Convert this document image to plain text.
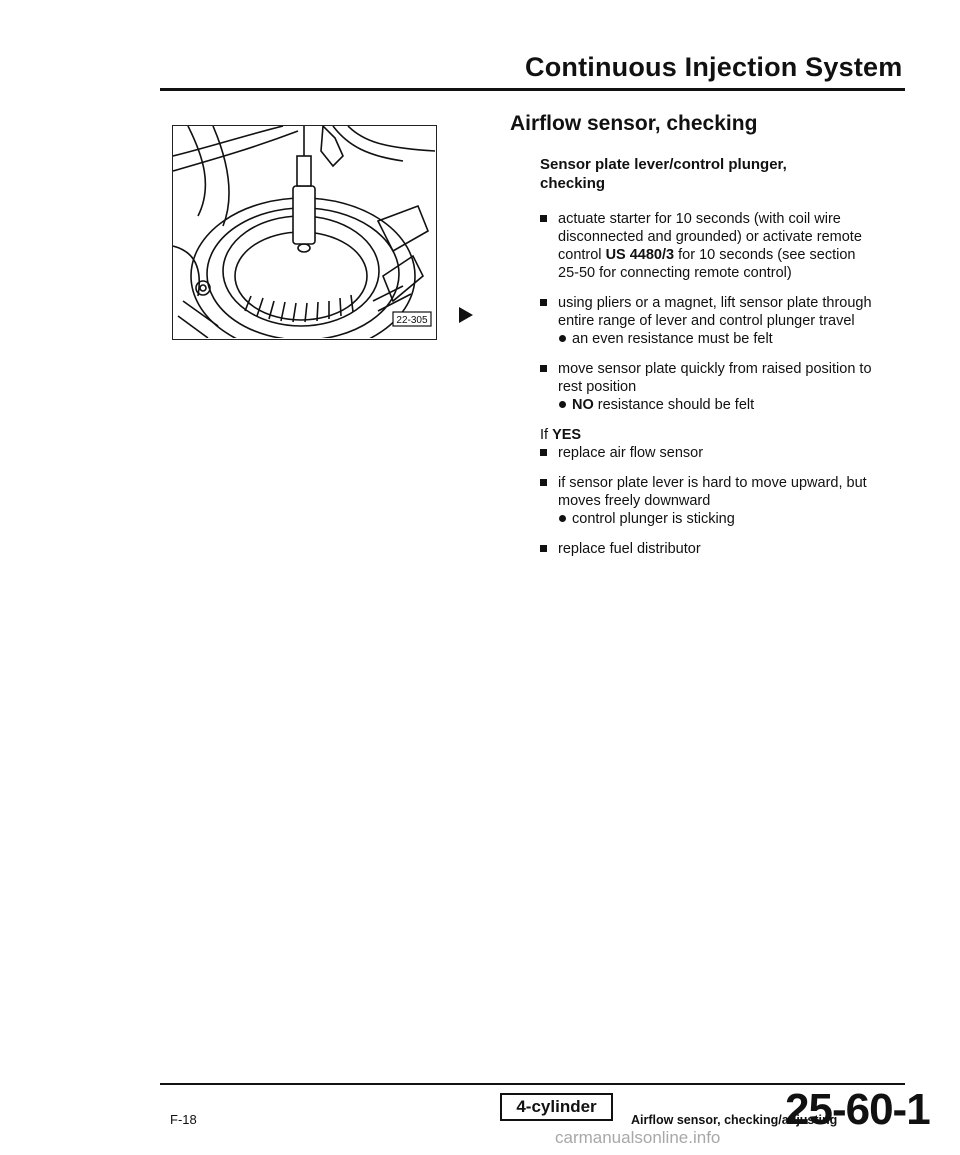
Continuous Injection System
22-305
Airflow sensor, checking
Sensor plate lever/control plunger, checking

actuate starter for 10 seconds (with coil wire disconnected and grounded) or activate remote control US 4480/3 for 10 seconds (see section 25-50 for connecting remote control)

using pliers or a magnet, lift sensor plate through entire range of lever and control plunger travel

an even resistance must be felt

move sensor plate quickly from raised position to rest position

NO resistance should be felt
If YES

replace air flow sensor

if sensor plate lever is hard to move upward, but moves freely downward

control plunger is sticking

replace fuel distributor

F-18
4-cylinder
Airflow sensor, checking/adjusting
25-60-1
carmanualsonline.info
